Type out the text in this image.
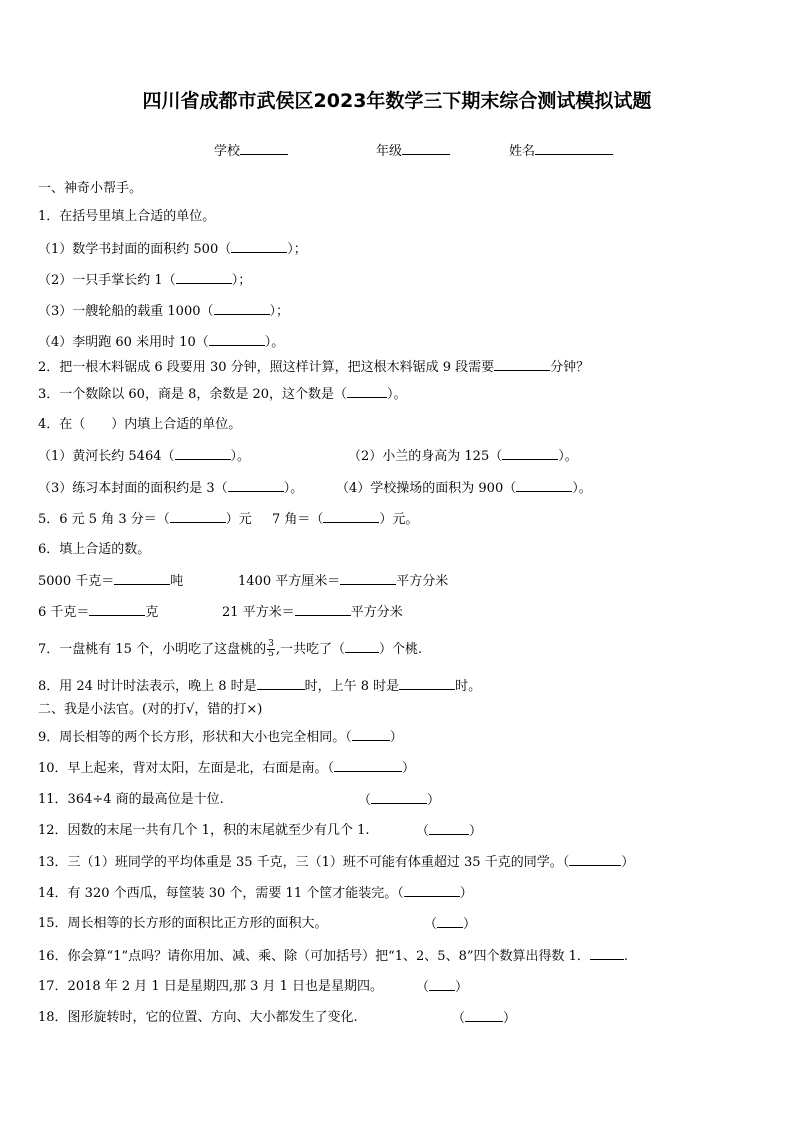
四川省成都市武侯区2023年数学三下期末综合测试模拟试题
学校	年级	姓名
一、神奇小帮手。
1．在括号里填上合适的单位。
（1）数学书封面的面积约 500（	）；
（2）一只手掌长约 1（	）；
（3）一艘轮船的载重 1000（	）；
（4）李明跑 60 米用时 10（	）。
2．把一根木料锯成 6 段要用 30 分钟，照这样计算，把这根木料锯成 9 段需要	分钟？
3．一个数除以 60，商是 8，余数是 20，这个数是（	）。
4．在（　　）内填上合适的单位。
（1）黄河长约 5464（	）。	（2）小兰的身高为 125（	）。
（3）练习本封面的面积约是 3（	）。	（4）学校操场的面积为 900（	）。
5．6 元 5 角 3 分＝（	）元 7 角＝（	）元。
6．填上合适的数。
5000 千克＝	吨	1400 平方厘米＝	平方分米
6 千克＝	克	21 平方米＝	平方分米
7．一盘桃有 15 个，小明吃了这盘桃的 $\frac{3}{5}$ ,一共吃了（	）个桃.
8．用 24 时计时法表示，晚上 8 时是	时，上午 8 时是	时。
二、我是小法官。(对的打√，错的打×)
9．周长相等的两个长方形，形状和大小也完全相同。（	）
10．早上起来，背对太阳，左面是北，右面是南。（	）
11．364÷4 商的最高位是十位.	（	）
12．因数的末尾一共有几个 1，积的末尾就至少有几个 1.	（	）
13．三（1）班同学的平均体重是 35 千克，三（1）班不可能有体重超过 35 千克的同学。（	）
14．有 320 个西瓜，每筐装 30 个，需要 11 个筐才能装完。（	）
15．周长相等的长方形的面积比正方形的面积大。	（ ）
16．你会算“1”点吗？请你用加、减、乘、除（可加括号）把“1、2、5、8”四个数算出得数 1．	.
17．2018 年 2 月 1 日是星期四,那 3 月 1 日也是星期四。	（ ）
18．图形旋转时，它的位置、方向、大小都发生了变化.	（	）
